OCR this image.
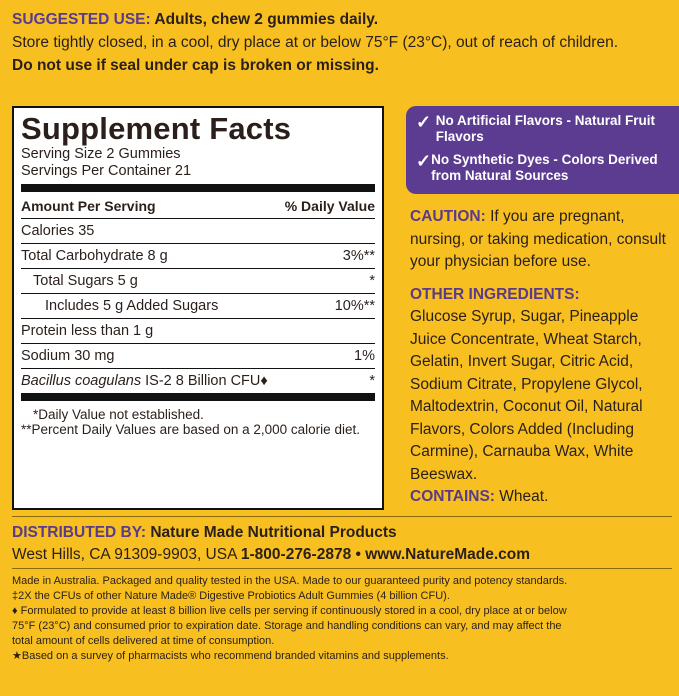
SUGGESTED USE: Adults, chew 2 gummies daily.
Store tightly closed, in a cool, dry place at or below 75°F (23°C), out of reach of children.
Do not use if seal under cap is broken or missing.
Supplement Facts
Serving Size 2 Gummies
Servings Per Container 21
Amount Per Serving	% Daily Value
Calories 35
Total Carbohydrate 8 g	3%**
Total Sugars 5 g	*
Includes 5 g Added Sugars	10%**
Protein less than 1 g
Sodium 30 mg	1%
Bacillus coagulans IS-2 8 Billion CFU♦	*
*Daily Value not established.
**Percent Daily Values are based on a 2,000 calorie diet.
✓ No Artificial Flavors - Natural Fruit Flavors
✓ No Synthetic Dyes - Colors Derived from Natural Sources
CAUTION: If you are pregnant, nursing, or taking medication, consult your physician before use.
OTHER INGREDIENTS:
Glucose Syrup, Sugar, Pineapple Juice Concentrate, Wheat Starch, Gelatin, Invert Sugar, Citric Acid, Sodium Citrate, Propylene Glycol, Maltodextrin, Coconut Oil, Natural Flavors, Colors Added (Including Carmine), Carnauba Wax, White Beeswax.
CONTAINS: Wheat.
DISTRIBUTED BY: Nature Made Nutritional Products
West Hills, CA 91309-9903, USA 1-800-276-2878 • www.NatureMade.com
Made in Australia. Packaged and quality tested in the USA. Made to our guaranteed purity and potency standards.
‡2X the CFUs of other Nature Made® Digestive Probiotics Adult Gummies (4 billion CFU).
♦ Formulated to provide at least 8 billion live cells per serving if continuously stored in a cool, dry place at or below
75°F (23°C) and consumed prior to expiration date. Storage and handling conditions can vary, and may affect the
total amount of cells delivered at time of consumption.
★Based on a survey of pharmacists who recommend branded vitamins and supplements.
